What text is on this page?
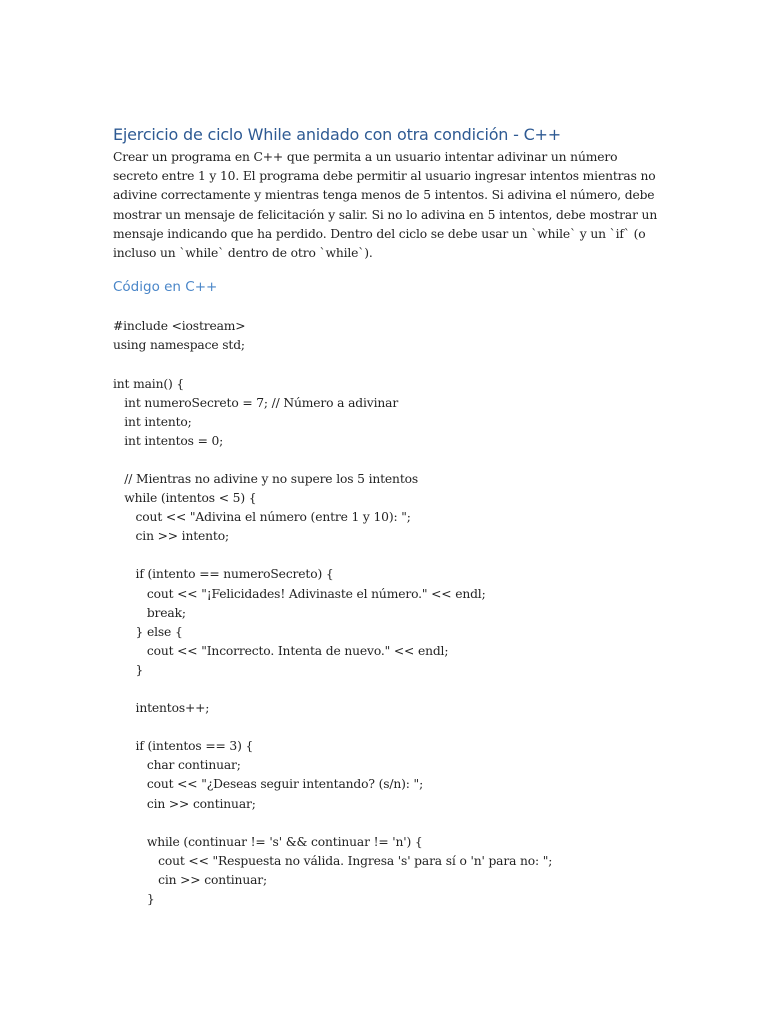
Ejercicio de ciclo While anidado con otra condición - C++

Crear un programa en C++ que permita a un usuario intentar adivinar un número secreto entre 1 y 10. El programa debe permitir al usuario ingresar intentos mientras no adivine correctamente y mientras tenga menos de 5 intentos. Si adivina el número, debe mostrar un mensaje de felicitación y salir. Si no lo adivina en 5 intentos, debe mostrar un mensaje indicando que ha perdido. Dentro del ciclo se debe usar un `while` y un `if` (o incluso un `while` dentro de otro `while`).

Código en C++
#include <iostream>
using namespace std;
int main() {
int numeroSecreto = 7; // Número a adivinar
int intento;
int intentos = 0;
// Mientras no adivine y no supere los 5 intentos
while (intentos < 5) {
cout << "Adivina el número (entre 1 y 10): ";
cin >> intento;
if (intento == numeroSecreto) {
cout << "¡Felicidades! Adivinaste el número." << endl;
break;
} else {
cout << "Incorrecto. Intenta de nuevo." << endl;
}
intentos++;
if (intentos == 3) {
char continuar;
cout << "¿Deseas seguir intentando? (s/n): ";
cin >> continuar;
while (continuar != 's' && continuar != 'n') {
cout << "Respuesta no válida. Ingresa 's' para sí o 'n' para no: ";
cin >> continuar;
}
